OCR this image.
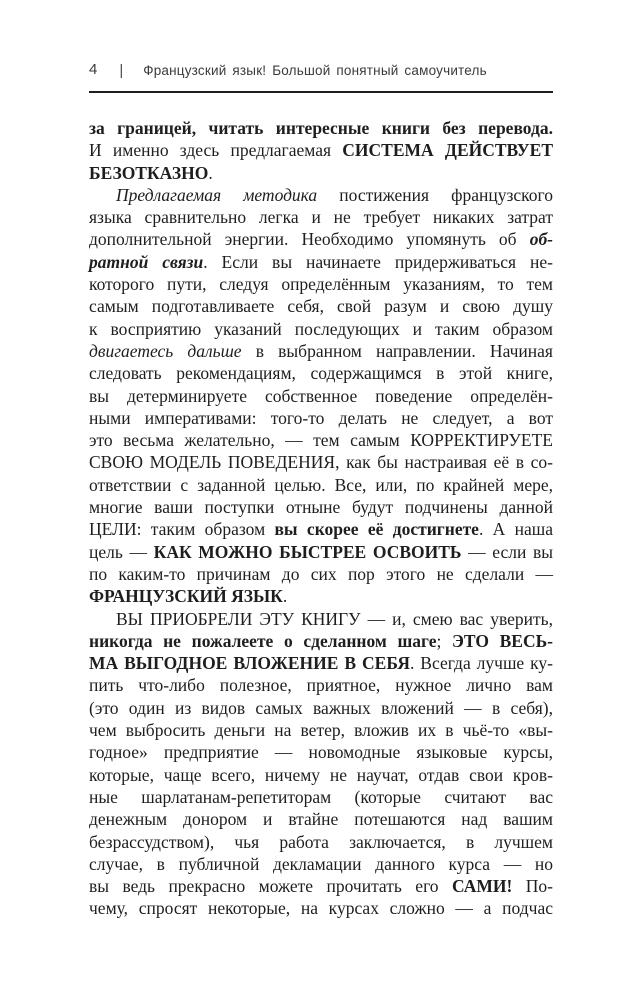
4 | Французский язык! Большой понятный самоучитель
за границей, читать интересные книги без перевода.
И именно здесь предлагаемая СИСТЕМА ДЕЙСТВУЕТ
БЕЗОТКАЗНО.
Предлагаемая методика постижения французского
языка сравнительно легка и не требует никаких затрат
дополнительной энергии. Необходимо упомянуть об об-
ратной связи. Если вы начинаете придерживаться не-
которого пути, следуя определённым указаниям, то тем
самым подготавливаете себя, свой разум и свою душу
к восприятию указаний последующих и таким образом
двигаетесь дальше в выбранном направлении. Начиная
следовать рекомендациям, содержащимся в этой книге,
вы детерминируете собственное поведение определён-
ными императивами: того-то делать не следует, а вот
это весьма желательно, — тем самым КОРРЕКТИРУЕТЕ
СВОЮ МОДЕЛЬ ПОВЕДЕНИЯ, как бы настраивая её в со-
ответствии с заданной целью. Все, или, по крайней мере,
многие ваши поступки отныне будут подчинены данной
ЦЕЛИ: таким образом вы скорее её достигнете. А наша
цель — КАК МОЖНО БЫСТРЕЕ ОСВОИТЬ — если вы
по каким-то причинам до сих пор этого не сделали —
ФРАНЦУЗСКИЙ ЯЗЫК.
ВЫ ПРИОБРЕЛИ ЭТУ КНИГУ — и, смею вас уверить,
никогда не пожалеете о сделанном шаге; ЭТО ВЕСЬ-
МА ВЫГОДНОЕ ВЛОЖЕНИЕ В СЕБЯ. Всегда лучше ку-
пить что-либо полезное, приятное, нужное лично вам
(это один из видов самых важных вложений — в себя),
чем выбросить деньги на ветер, вложив их в чьё-то «вы-
годное» предприятие — новомодные языковые курсы,
которые, чаще всего, ничему не научат, отдав свои кров-
ные шарлатанам-репетиторам (которые считают вас
денежным донором и втайне потешаются над вашим
безрассудством), чья работа заключается, в лучшем
случае, в публичной декламации данного курса — но
вы ведь прекрасно можете прочитать его САМИ! По-
чему, спросят некоторые, на курсах сложно — а подчас
